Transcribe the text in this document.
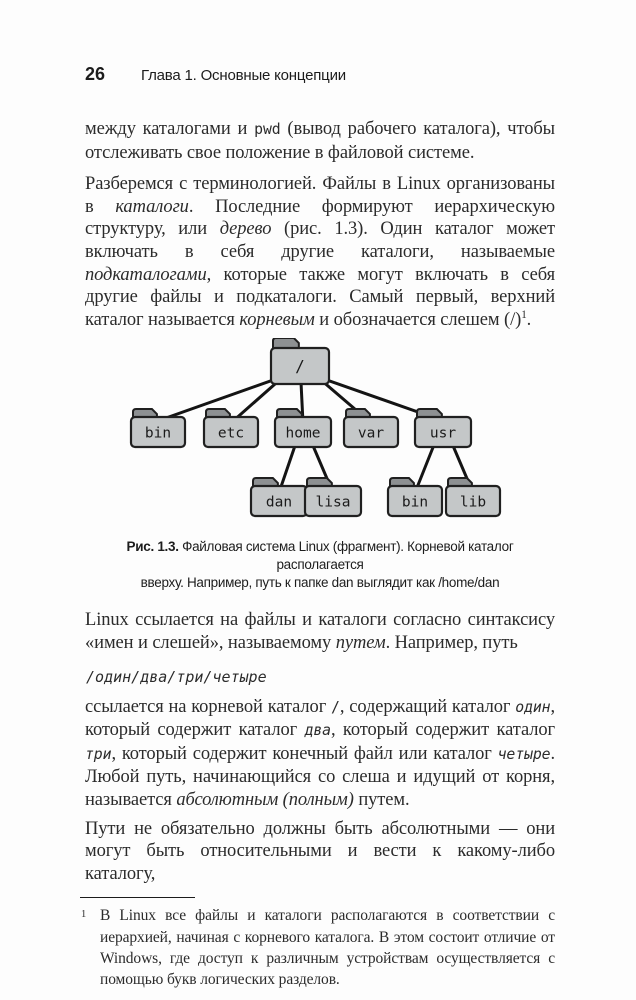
26 Глава 1. Основные концепции

между каталогами и pwd (вывод рабочего каталога), чтобы отслеживать свое положение в файловой системе.

Разберемся с терминологией. Файлы в Linux организованы в каталоги. Последние формируют иерархическую структуру, или дерево (рис. 1.3). Один каталог может включать в себя другие каталоги, называемые подкаталогами, которые также могут включать в себя другие файлы и подкаталоги. Самый первый, верхний каталог называется корневым и обозначается слешем $(/)^1$.

/
bin	etc	home	var	usr
dan lisa	bin lib
Рис. 1.3. Файловая система Linux (фрагмент). Корневой каталог располагается
вверху. Например, путь к папке dan выглядит как /home/dan

Linux ссылается на файлы и каталоги согласно синтаксису «имен и слешей», называемому путем. Например, путь

/один/два/три/четыре

ссылается на корневой каталог /, содержащий каталог один, который содержит каталог два, который содержит каталог три, который содержит конечный файл или каталог четыре. Любой путь, начинающийся со слеша и идущий от корня, называется абсолютным (полным) путем.

Пути не обязательно должны быть абсолютными — они могут быть относительными и вести к какому-либо каталогу,

1 В Linux все файлы и каталоги располагаются в соответствии с иерархией, начиная с корневого каталога. В этом состоит отличие от Windows, где доступ к различным устройствам осуществляется с помощью букв логических разделов.
